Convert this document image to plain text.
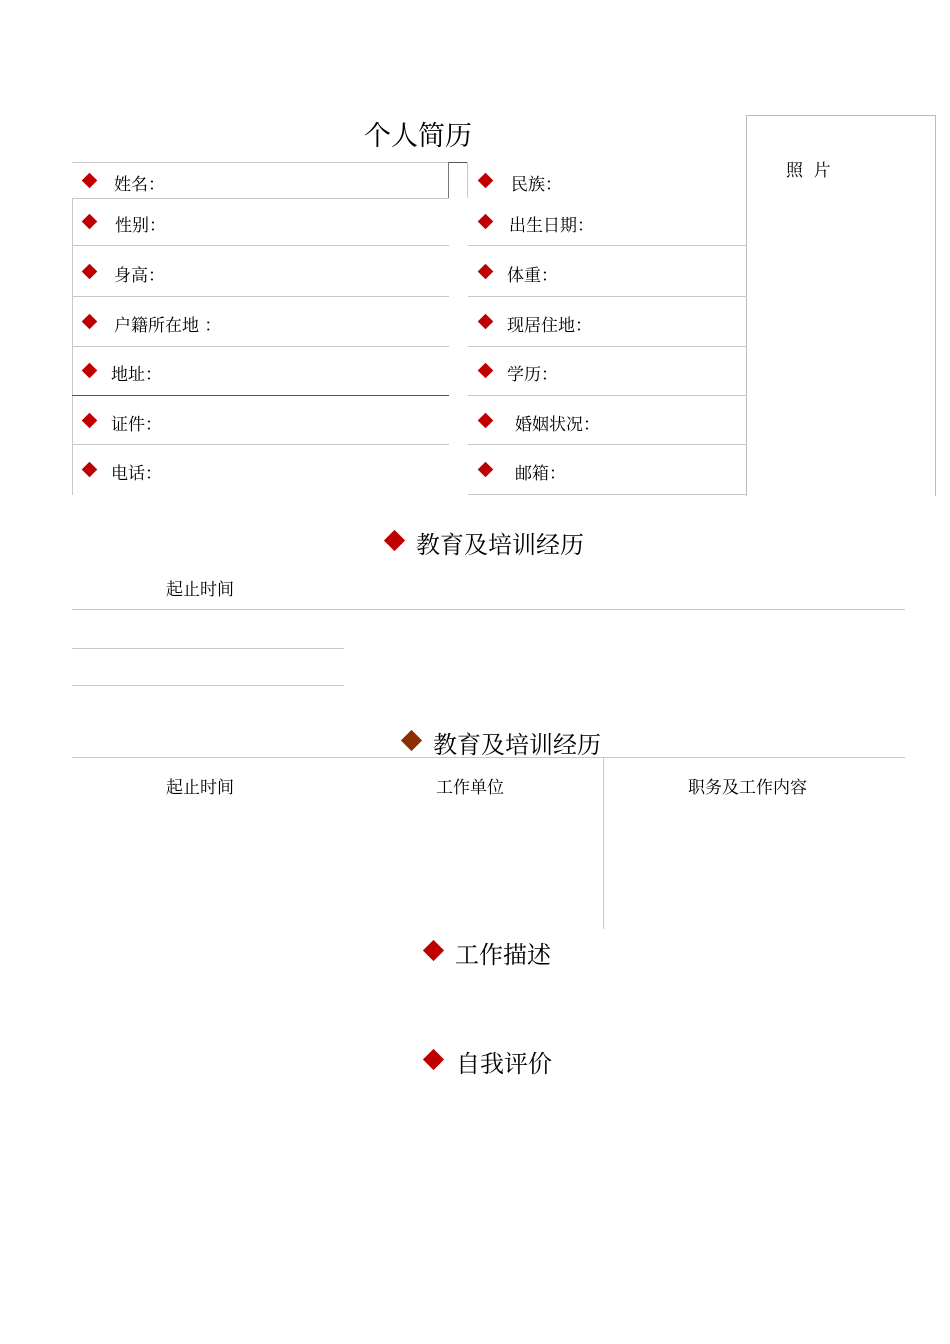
个人简历
照  片
姓名：
性别：
身高：
户籍所在地 ：
地址：
证件：
电话：
民族：
出生日期：
体重：
现居住地：
学历：
婚姻状况：
邮箱：
教育及培训经历
起止时间
教育及培训经历
起止时间	工作单位	职务及工作内容
工作描述
自我评价
